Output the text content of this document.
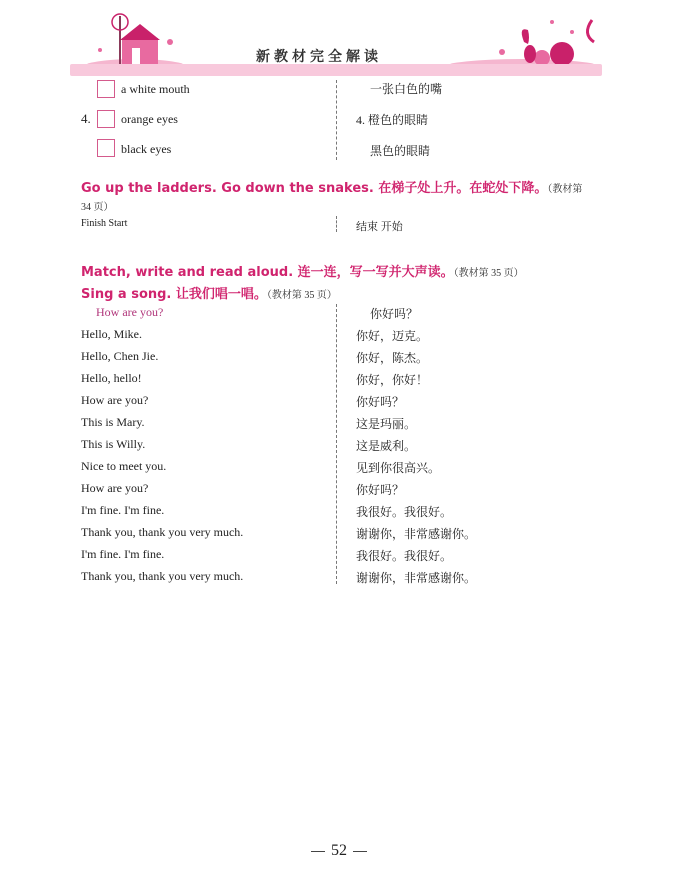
新教材完全解读
a white mouth	一张白色的嘴
4.	orange eyes	4. 橙色的眼睛
black eyes	黑色的眼睛
Go up the ladders. Go down the snakes. 在梯子处上升。在蛇处下降。（教材第
34 页）
Finish Start	结束 开始
Match, write and read aloud. 连一连，写一写并大声读。（教材第 35 页）
Sing a song. 让我们唱一唱。（教材第 35 页）
How are you?	你好吗？
Hello, Mike.	你好，迈克。
Hello, Chen Jie.	你好，陈杰。
Hello, hello!	你好，你好！
How are you?	你好吗？
This is Mary.	这是玛丽。
This is Willy.	这是威利。
Nice to meet you.	见到你很高兴。
How are you?	你好吗？
I'm fine. I'm fine.	我很好。我很好。
Thank you, thank you very much.	谢谢你，非常感谢你。
I'm fine. I'm fine.	我很好。我很好。
Thank you, thank you very much.	谢谢你，非常感谢你。
52
